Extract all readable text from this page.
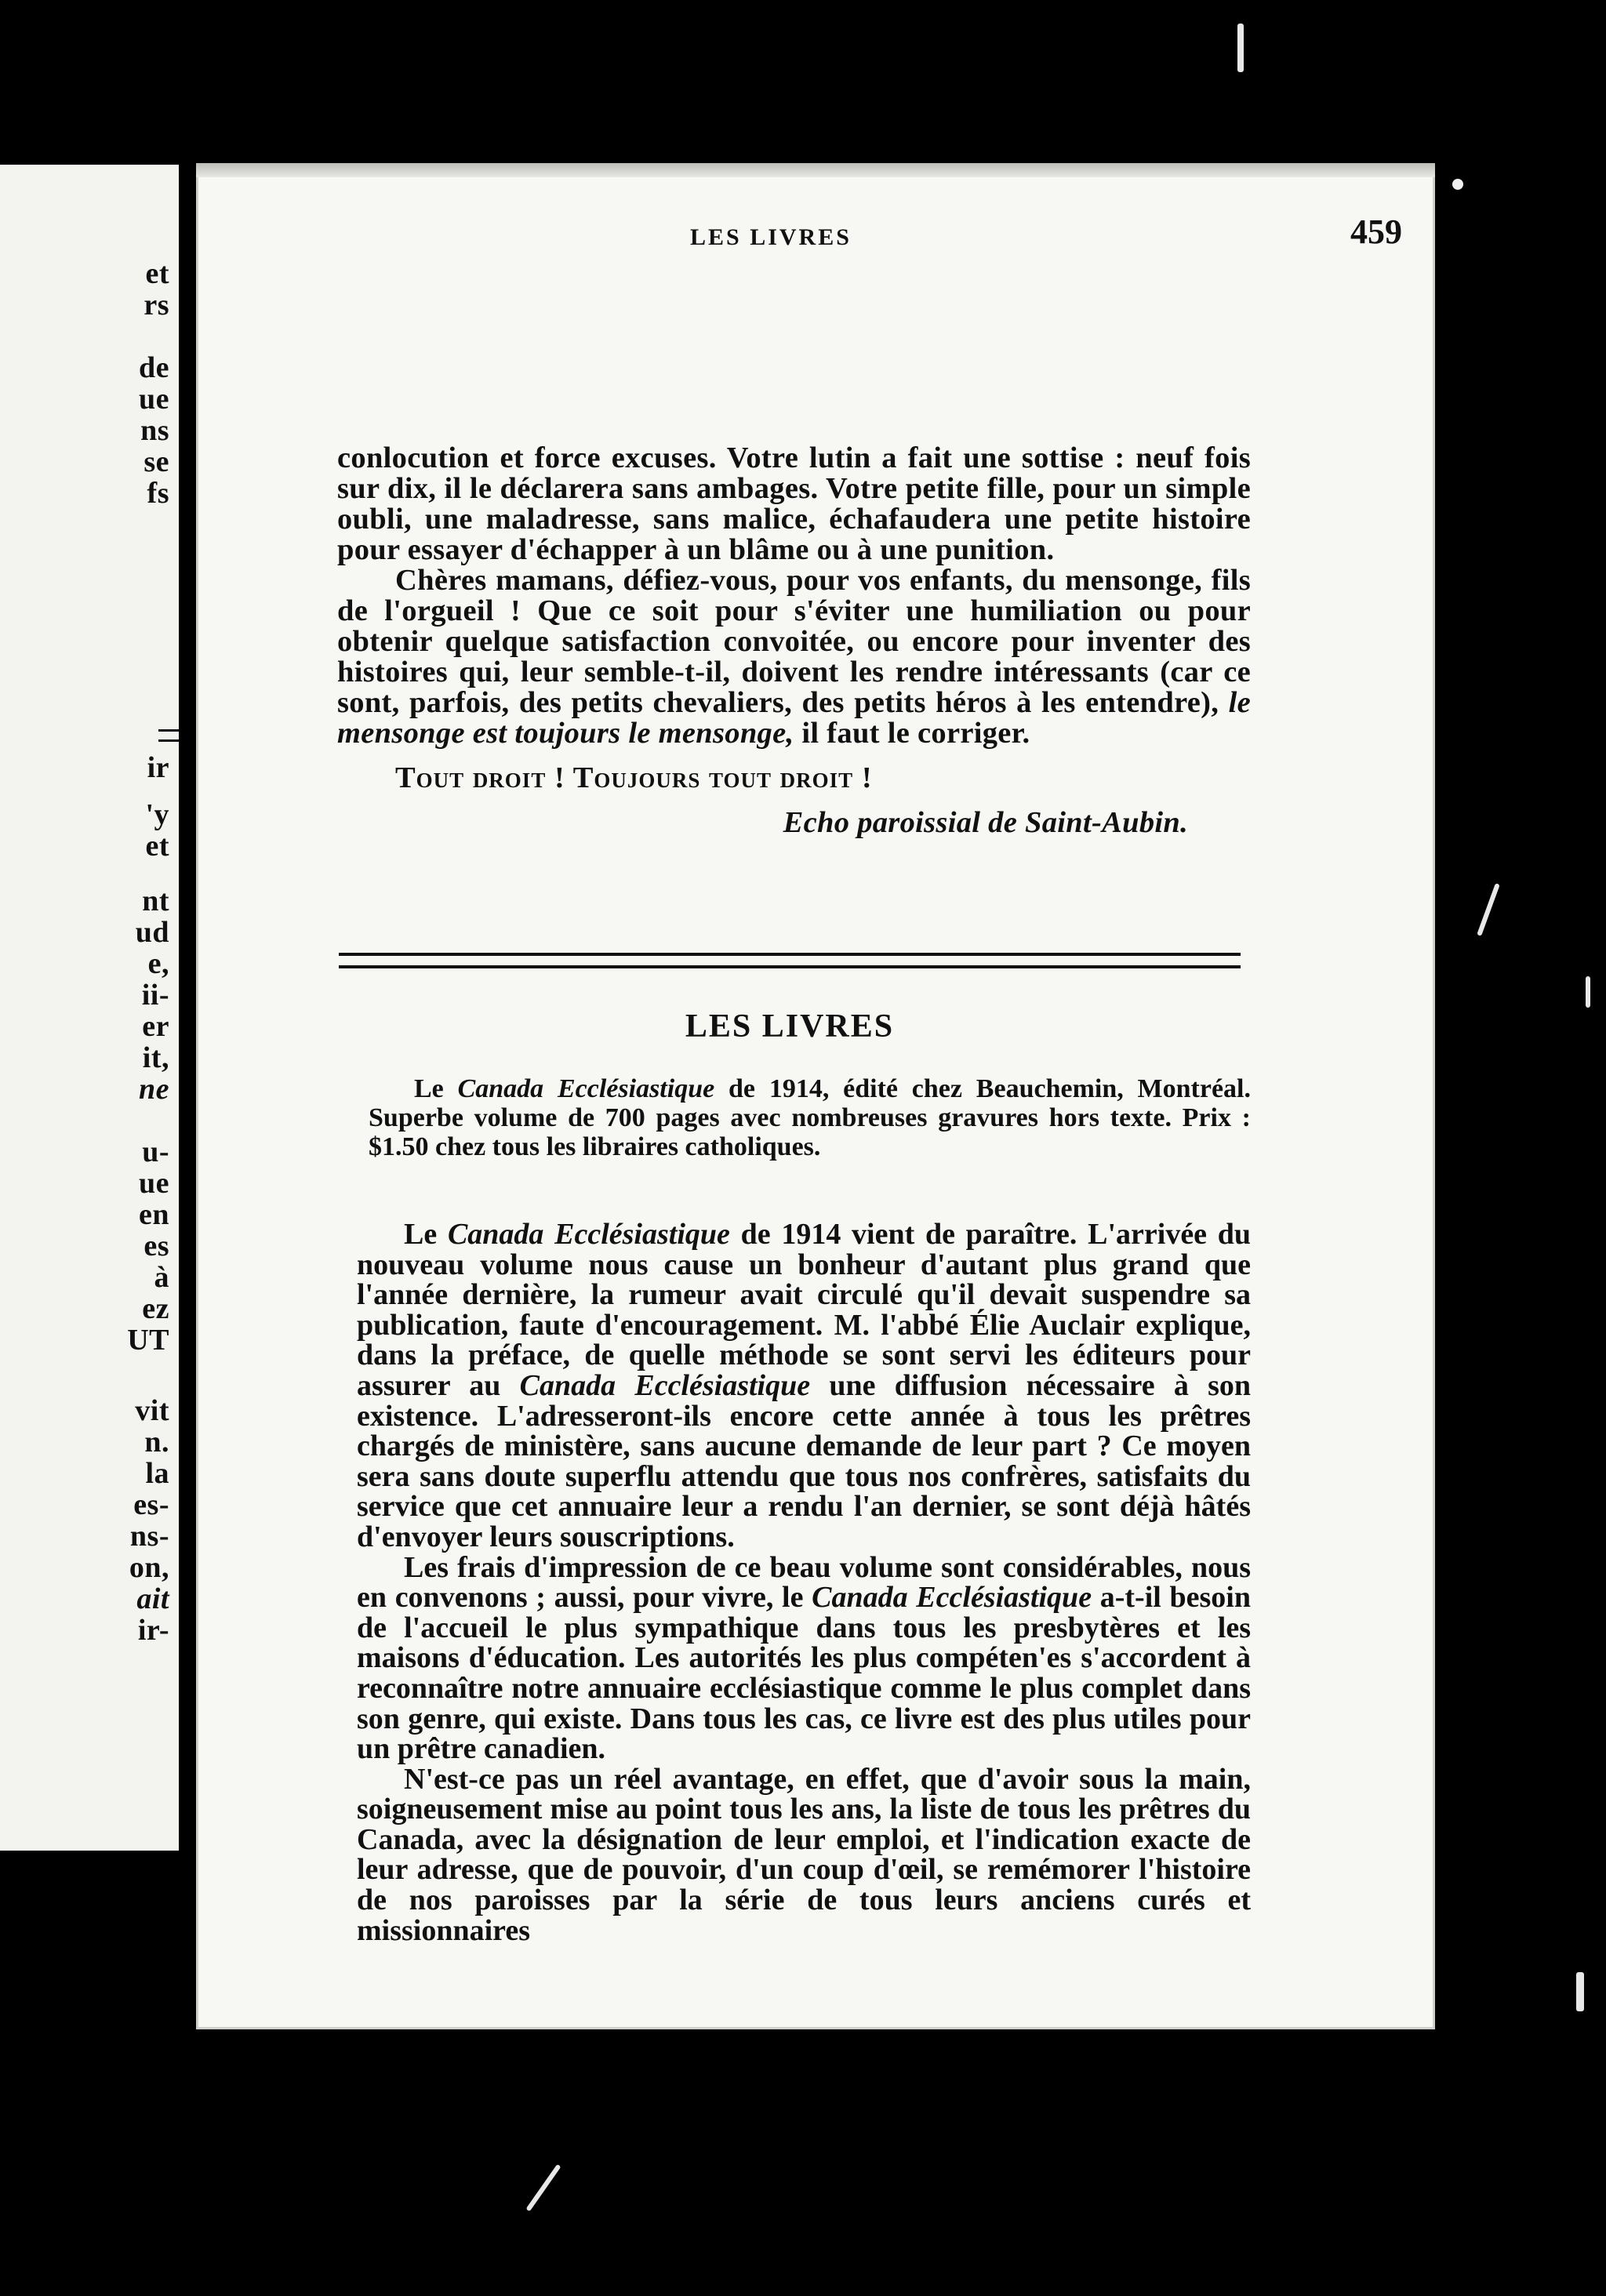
et
rs
de
ue
ns
se
fs
ir
'y
et
nt
ud
e,
ii-
er
it,
ne
u-
ue
en
es
à
ez
UT
vit
n.
la
es-
ns-
on,
ait
ir-
LES LIVRES	459

conlocution et force excuses. Votre lutin a fait une sottise : neuf fois sur dix, il le déclarera sans ambages. Votre petite fille, pour un simple oubli, une maladresse, sans malice, échafaudera une petite histoire pour essayer d'échapper à un blâme ou à une punition.

Chères mamans, défiez-vous, pour vos enfants, du mensonge, fils de l'orgueil ! Que ce soit pour s'éviter une humiliation ou pour obtenir quelque satisfaction convoitée, ou encore pour inventer des histoires qui, leur semble-t-il, doivent les rendre intéressants (car ce sont, parfois, des petits chevaliers, des petits héros à les entendre), le mensonge est toujours le mensonge, il faut le corriger.

Tout droit ! Toujours tout droit !

Echo paroissial de Saint-Aubin.

LES LIVRES

Le Canada Ecclésiastique de 1914, édité chez Beauchemin, Montréal. Superbe volume de 700 pages avec nombreuses gravures hors texte. Prix : $1.50 chez tous les libraires catholiques.

Le Canada Ecclésiastique de 1914 vient de paraître. L'arrivée du nouveau volume nous cause un bonheur d'autant plus grand que l'année dernière, la rumeur avait circulé qu'il devait suspendre sa publication, faute d'encouragement. M. l'abbé Élie Auclair explique, dans la préface, de quelle méthode se sont servi les éditeurs pour assurer au Canada Ecclésiastique une diffusion nécessaire à son existence. L'adresseront-ils encore cette année à tous les prêtres chargés de ministère, sans aucune demande de leur part ? Ce moyen sera sans doute superflu attendu que tous nos confrères, satisfaits du service que cet annuaire leur a rendu l'an dernier, se sont déjà hâtés d'envoyer leurs souscriptions.

Les frais d'impression de ce beau volume sont considérables, nous en convenons ; aussi, pour vivre, le Canada Ecclésiastique a-t-il besoin de l'accueil le plus sympathique dans tous les presbytères et les maisons d'éducation. Les autorités les plus compéten'es s'accordent à reconnaître notre annuaire ecclésiastique comme le plus complet dans son genre, qui existe. Dans tous les cas, ce livre est des plus utiles pour un prêtre canadien.

N'est-ce pas un réel avantage, en effet, que d'avoir sous la main, soigneusement mise au point tous les ans, la liste de tous les prêtres du Canada, avec la désignation de leur emploi, et l'indication exacte de leur adresse, que de pouvoir, d'un coup d'œil, se remémorer l'histoire de nos paroisses par la série de tous leurs anciens curés et missionnaires
